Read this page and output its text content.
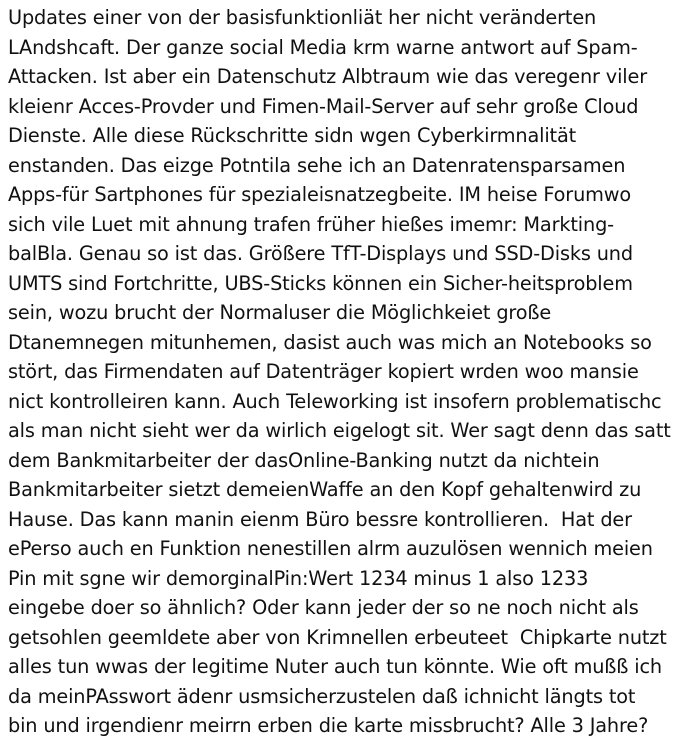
Updates einer von der basisfunktionliät her nicht veränderten
LAndshcaft. Der ganze social Media krm warne antwort auf Spam-
Attacken. Ist aber ein Datenschutz Albtraum wie das veregenr viler
kleienr Acces-Provder und Fimen-Mail-Server auf sehr große Cloud
Dienste. Alle diese Rückschritte sidn wgen Cyberkirmnalität
enstanden. Das eizge Potntila sehe ich an Datenratensparsamen
Apps-für Sartphones für spezialeisnatzegbeite. IM heise Forumwo
sich vile Luet mit ahnung trafen früher hießes imemr: Markting-
balBla. Genau so ist das. Größere TfT-Displays und SSD-Disks und
UMTS sind Fortchritte, UBS-Sticks können ein Sicher-heitsproblem
sein, wozu brucht der Normaluser die Möglichkeiet große
Dtanemnegen mitunhemen, dasist auch was mich an Notebooks so
stört, das Firmendaten auf Datenträger kopiert wrden woo mansie
nict kontrolleiren kann. Auch Teleworking ist insofern problematischc
als man nicht sieht wer da wirlich eigelogt sit. Wer sagt denn das satt
dem Bankmitarbeiter der dasOnline-Banking nutzt da nichtein
Bankmitarbeiter sietzt demeienWaffe an den Kopf gehaltenwird zu
Hause. Das kann manin eienm Büro bessre kontrollieren.  Hat der
ePerso auch en Funktion nenestillen alrm auzulösen wennich meien
Pin mit sgne wir demorginalPin:Wert 1234 minus 1 also 1233
eingebe doer so ähnlich? Oder kann jeder der so ne noch nicht als
getsohlen geemldete aber von Krimnellen erbeuteet  Chipkarte nutzt
alles tun wwas der legitime Nuter auch tun könnte. Wie oft mußß ich
da meinPAsswort ädenr usmsicherzustelen daß ichnicht längts tot
bin und irgendienr meirrn erben die karte missbrucht? Alle 3 Jahre?
